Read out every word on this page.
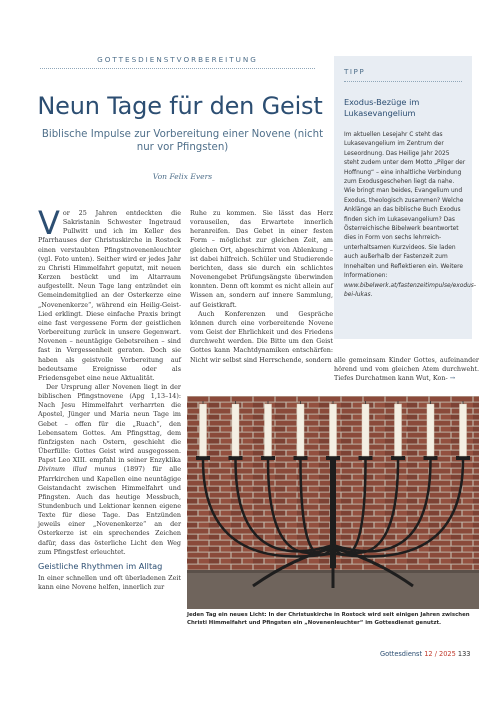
GOTTESDIENSTVORBEREITUNG
Neun Tage für den Geist
Biblische Impulse zur Vorbereitung einer Novene (nicht nur vor Pfingsten)
Von Felix Evers

Vor 25 Jahren entdeckten die Sakristanin Schwester Ingetraud Pullwitt und ich im Keller des Pfarrhauses der Christuskirche in Rostock einen verstaubten Pfingstnovenenleuchter (vgl. Foto unten). Seither wird er jedes Jahr zu Christi Himmelfahrt geputzt, mit neuen Kerzen bestückt und im Altarraum aufgestellt. Neun Tage lang entzündet ein Gemeindemitglied an der Osterkerze eine „Novenenkerze“, während ein Heilig-Geist-Lied erklingt. Diese einfache Praxis bringt eine fast vergessene Form der geistlichen Vorbereitung zurück in unsere Gegenwart. Novenen – neuntägige Gebetsreihen – sind fast in Vergessenheit geraten. Doch sie haben als geistvolle Vorbereitung auf bedeutsame Ereignisse oder als Friedensgebet eine neue Aktualität.

Der Ursprung aller Novenen liegt in der biblischen Pfingstnovene (Apg 1,13–14): Nach Jesu Himmelfahrt verharrten die Apostel, Jünger und Maria neun Tage im Gebet – offen für die „Ruach“, den Lebensatem Gottes. Am Pfingsttag, dem fünfzigsten nach Ostern, geschieht die Überfülle: Gottes Geist wird ausgegossen. Papst Leo XIII. empfahl in seiner Enzyklika Divinum illud munus (1897) für alle Pfarrkirchen und Kapellen eine neuntägige Geistandacht zwischen Himmelfahrt und Pfingsten. Auch das heutige Messbuch, Stundenbuch und Lektionar kennen eigene Texte für diese Tage. Das Entzünden jeweils einer „Novenenkerze“ an der Osterkerze ist ein sprechendes Zeichen dafür, dass das österliche Licht den Weg zum Pfingstfest erleuchtet.

Geistliche Rhythmen im Alltag

In einer schnellen und oft überladenen Zeit kann eine Novene helfen, innerlich zur

Ruhe zu kommen. Sie lässt das Herz vorauseilen, das Erwartete innerlich heranreifen. Das Gebet in einer festen Form – möglichst zur gleichen Zeit, am gleichen Ort, abgeschirmt von Ablenkung – ist dabei hilfreich. Schüler und Studierende berichten, dass sie durch ein schlichtes Novenengebet Prüfungsängste überwinden konnten. Denn oft kommt es nicht allein auf Wissen an, sondern auf innere Sammlung, auf Geistkraft.

Auch Konferenzen und Gespräche können durch eine vorbereitende Novene vom Geist der Ehrlichkeit und des Friedens durchweht werden. Die Bitte um den Geist Gottes kann Machtdynamiken entschärfen: Nicht wir selbst sind Herrschende, sondern alle gemeinsam Kinder Gottes, aufeinander hörend und vom gleichen Atem durchweht. Tiefes Durchatmen kann Wut, Kon- →

TIPP
Exodus-Bezüge im Lukasevangelium
Im aktuellen Lesejahr C steht das Lukasevangelium im Zentrum der Leseordnung. Das Heilige Jahr 2025 steht zudem unter dem Motto „Pilger der Hoffnung“ – eine inhaltliche Verbindung zum Exodusgeschehen liegt da nahe. Wie bringt man beides, Evangelium und Exodus, theologisch zusammen? Welche Anklänge an das biblische Buch Exodus finden sich im Lukasevangelium? Das Österreichische Bibelwerk beantwortet dies in Form von sechs lehrreich-unterhaltsamen Kurzvideos. Sie laden auch außerhalb der Fastenzeit zum Innehalten und Reflektieren ein. Weitere Informationen: www.bibelwerk.at/fastenzeitimpulse/exodus-bei-lukas.
Jeden Tag ein neues Licht: In der Christuskirche in Rostock wird seit einigen Jahren zwischen Christi Himmelfahrt und Pfingsten ein „Novenenleuchter“ im Gottesdienst genutzt.
Gottesdienst 12 / 2025 133
